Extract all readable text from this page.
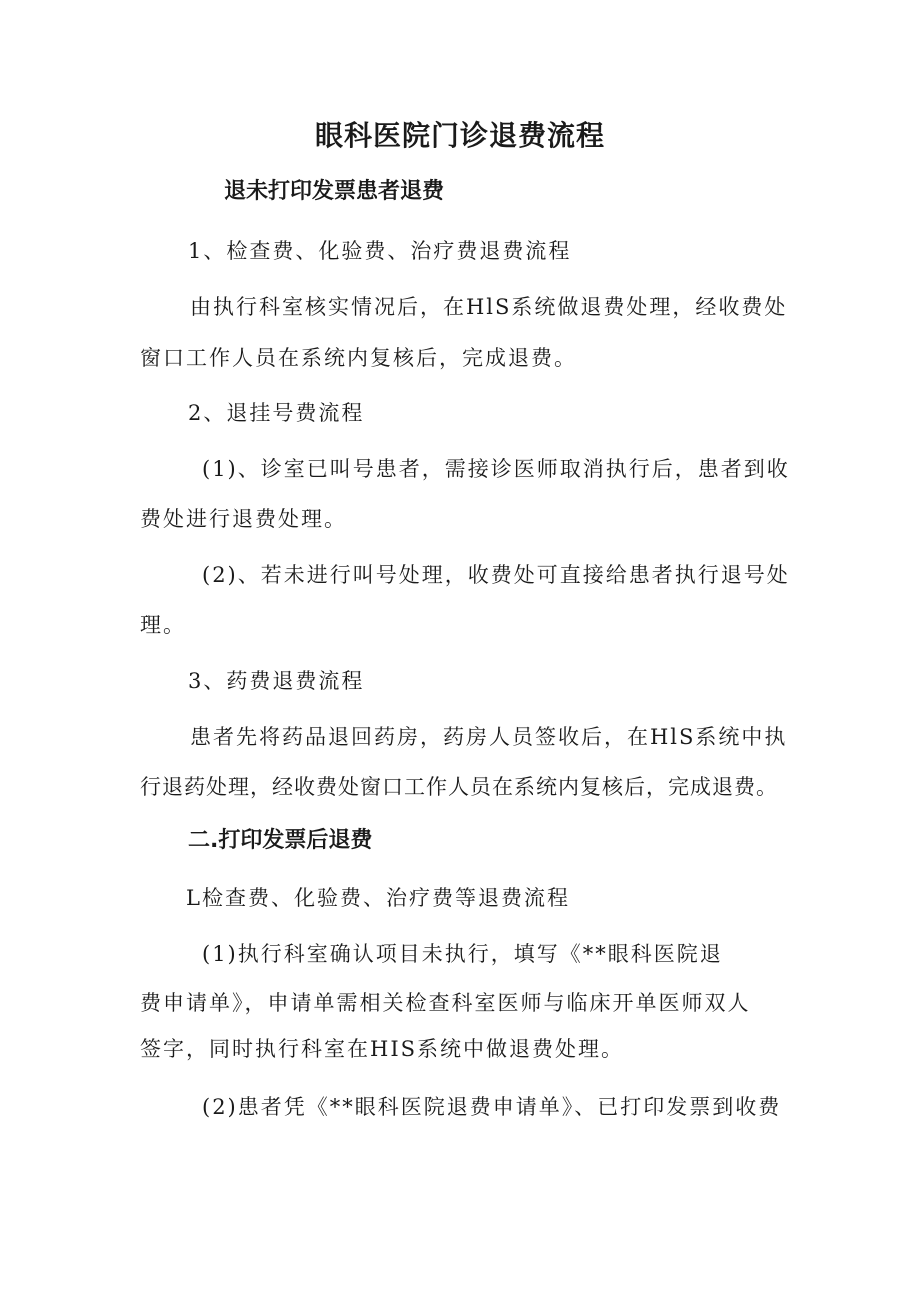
眼科医院门诊退费流程
退未打印发票患者退费
1、检查费、化验费、治疗费退费流程
由执行科室核实情况后，在HlS系统做退费处理，经收费处
窗口工作人员在系统内复核后，完成退费。
2、退挂号费流程
(1)、诊室已叫号患者，需接诊医师取消执行后，患者到收
费处进行退费处理。
(2)、若未进行叫号处理，收费处可直接给患者执行退号处
理。
3、药费退费流程
患者先将药品退回药房，药房人员签收后，在HlS系统中执
行退药处理，经收费处窗口工作人员在系统内复核后，完成退费。
二.打印发票后退费
L检查费、化验费、治疗费等退费流程
(1)执行科室确认项目未执行，填写《**眼科医院退
费申请单》，申请单需相关检查科室医师与临床开单医师双人
签字，同时执行科室在HIS系统中做退费处理。
(2)患者凭《**眼科医院退费申请单》、已打印发票到收费
